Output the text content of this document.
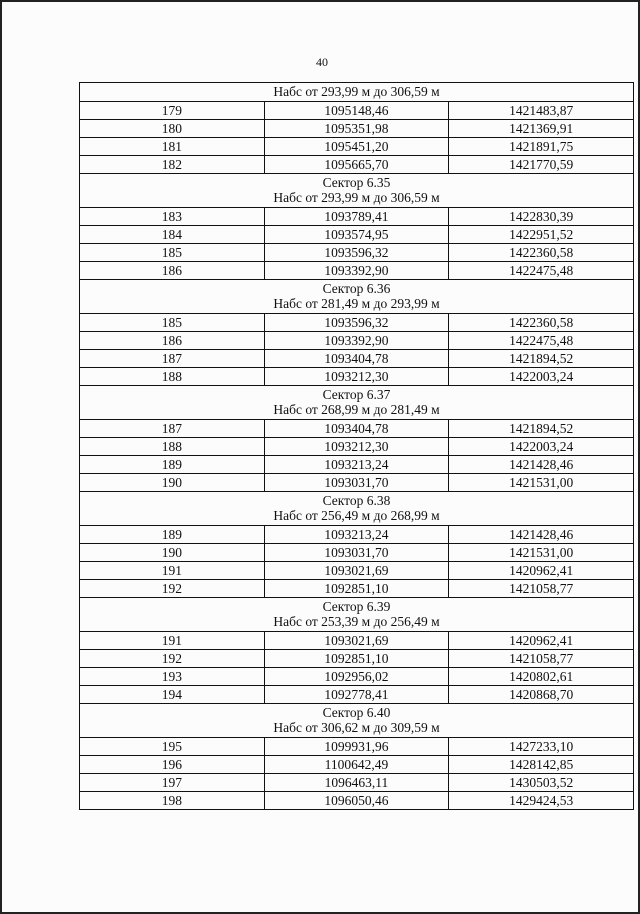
40
Набс от 293,99 м до 306,59 м		

179	1095148,46	1421483,87
180	1095351,98	1421369,91
181	1095451,20	1421891,75
182	1095665,70	1421770,59

Сектор 6.35
Набс от 293,99 м до 306,59 м		

183	1093789,41	1422830,39
184	1093574,95	1422951,52
185	1093596,32	1422360,58
186	1093392,90	1422475,48

Сектор 6.36
Набс от 281,49 м до 293,99 м		

185	1093596,32	1422360,58
186	1093392,90	1422475,48
187	1093404,78	1421894,52
188	1093212,30	1422003,24

Сектор 6.37
Набс от 268,99 м до 281,49 м		

187	1093404,78	1421894,52
188	1093212,30	1422003,24
189	1093213,24	1421428,46
190	1093031,70	1421531,00

Сектор 6.38
Набс от 256,49 м до 268,99 м		

189	1093213,24	1421428,46
190	1093031,70	1421531,00
191	1093021,69	1420962,41
192	1092851,10	1421058,77

Сектор 6.39
Набс от 253,39 м до 256,49 м		

191	1093021,69	1420962,41
192	1092851,10	1421058,77
193	1092956,02	1420802,61
194	1092778,41	1420868,70

Сектор 6.40
Набс от 306,62 м до 309,59 м		

195	1099931,96	1427233,10
196	1100642,49	1428142,85
197	1096463,11	1430503,52
198	1096050,46	1429424,53
